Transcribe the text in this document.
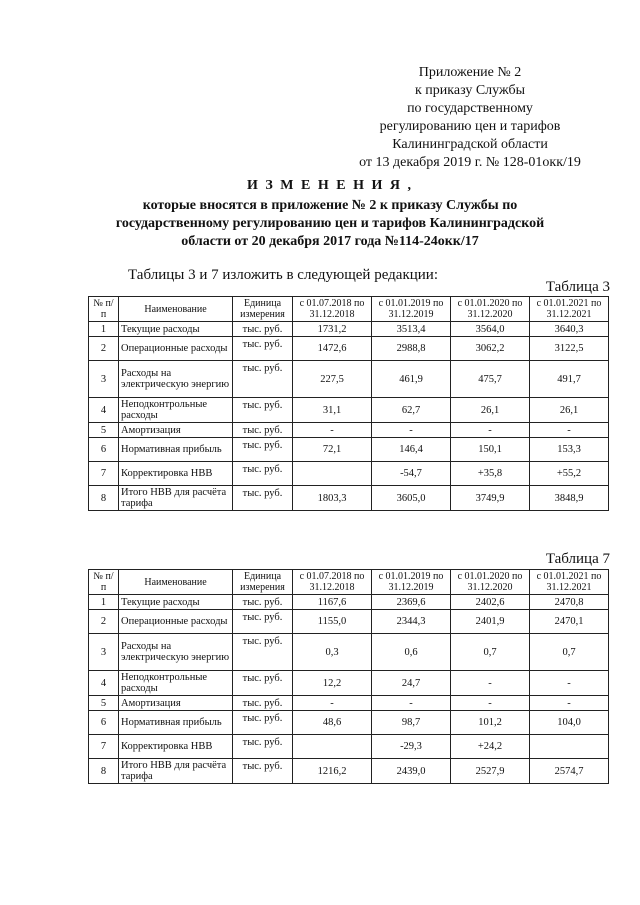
Приложение № 2
к приказу Службы
по государственному
регулированию цен и тарифов
Калининградской области
от 13 декабря 2019 г. № 128-01окк/19
И З М Е Н Е Н И Я ,
которые вносятся в приложение № 2 к приказу Службы по
государственному регулированию цен и тарифов Калининградской
области от 20 декабря 2017 года №114-24окк/17
Таблицы 3 и 7 изложить в следующей редакции:
Таблица 3
№ п/п	Наименование	Единица измерения	с 01.07.2018 по 31.12.2018	с 01.01.2019 по 31.12.2019	с 01.01.2020 по 31.12.2020	с 01.01.2021 по 31.12.2021
1	Текущие расходы	тыс. руб.	1731,2	3513,4	3564,0	3640,3
2	Операционные расходы	тыс. руб.	1472,6	2988,8	3062,2	3122,5
3	Расходы на электрическую энергию	тыс. руб.	227,5	461,9	475,7	491,7
4	Неподконтрольные расходы	тыс. руб.	31,1	62,7	26,1	26,1
5	Амортизация	тыс. руб.	-	-	-	-
6	Нормативная прибыль	тыс. руб.	72,1	146,4	150,1	153,3
7	Корректировка НВВ	тыс. руб.		-54,7	+35,8	+55,2
8	Итого НВВ для расчёта тарифа	тыс. руб.	1803,3	3605,0	3749,9	3848,9
Таблица 7
№ п/п	Наименование	Единица измерения	с 01.07.2018 по 31.12.2018	с 01.01.2019 по 31.12.2019	с 01.01.2020 по 31.12.2020	с 01.01.2021 по 31.12.2021
1	Текущие расходы	тыс. руб.	1167,6	2369,6	2402,6	2470,8
2	Операционные расходы	тыс. руб.	1155,0	2344,3	2401,9	2470,1
3	Расходы на электрическую энергию	тыс. руб.	0,3	0,6	0,7	0,7
4	Неподконтрольные расходы	тыс. руб.	12,2	24,7	-	-
5	Амортизация	тыс. руб.	-	-	-	-
6	Нормативная прибыль	тыс. руб.	48,6	98,7	101,2	104,0
7	Корректировка НВВ	тыс. руб.		-29,3	+24,2	
8	Итого НВВ для расчёта тарифа	тыс. руб.	1216,2	2439,0	2527,9	2574,7
